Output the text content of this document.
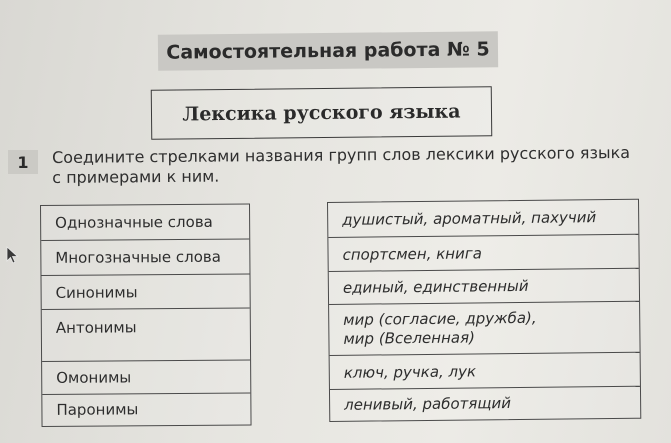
Самостоятельная работа № 5
Лексика русского языка
1 Соедините стрелками названия групп слов лексики русского языка
с примерами к ним.
Однозначные слова
Многозначные слова
Синонимы
Антонимы
Омонимы
Паронимы
душистый, ароматный, пахучий
спортсмен, книга
единый, единственный
мир (согласие, дружба),
мир (Вселенная)
ключ, ручка, лук
ленивый, работящий
